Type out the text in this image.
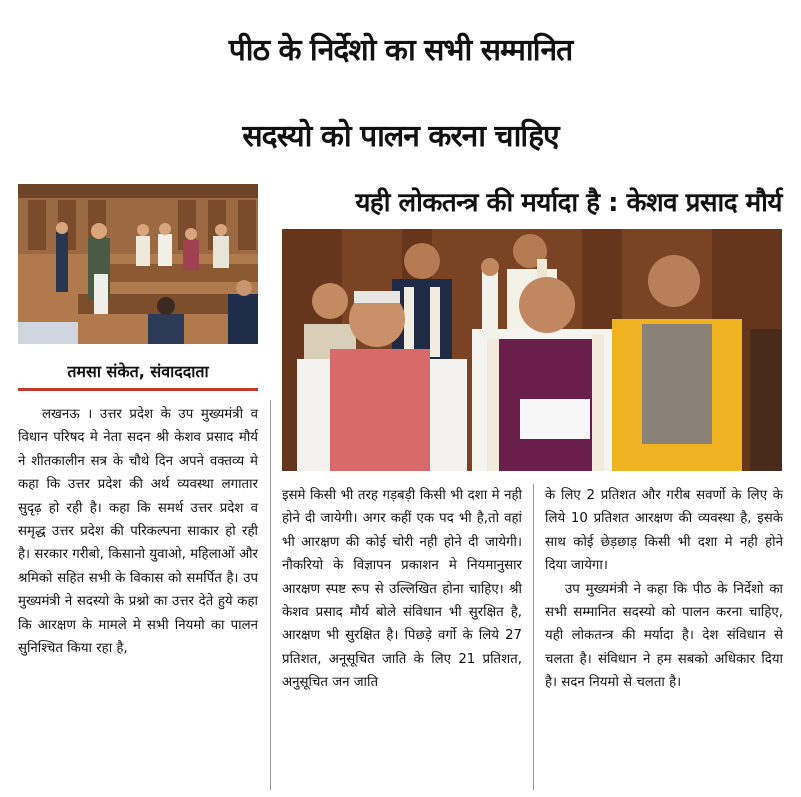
पीठ के निर्देशो का सभी सम्मानित
सदस्यो को पालन करना चाहिए
यही लोकतन्त्र की मर्यादा है : केशव प्रसाद मौर्य
तमसा संकेत, संवाददाता
लखनऊ । उत्तर प्रदेश के उप मुख्यमंत्री व विधान परिषद मे नेता सदन श्री केशव प्रसाद मौर्य ने शीतकालीन सत्र के चौथे दिन अपने वक्तव्य मे कहा कि उत्तर प्रदेश की अर्थ व्यवस्था लगातार सुदृढ़ हो रही है। कहा कि समर्थ उत्तर प्रदेश व समृद्ध उत्तर प्रदेश की परिकल्पना साकार हो रही है। सरकार गरीबो, किसानो युवाओ, महिलाओं और श्रमिको सहित सभी के विकास को समर्पित है। उप मुख्यमंत्री ने सदस्यो के प्रश्नो का उत्तर देते हुये कहा कि आरक्षण के मामले मे सभी नियमो का पालन सुनिश्चित किया रहा है,
इसमे किसी भी तरह गड़बड़ी किसी भी दशा मे नही होने दी जायेगी। अगर कहीं एक पद भी है,तो वहां भी आरक्षण की कोई चोरी नही होने दी जायेगी। नौकरियो के विज्ञापन प्रकाशन मे नियमानुसार आरक्षण स्पष्ट रूप से उल्लिखित होना चाहिए। श्री केशव प्रसाद मौर्य बोले संविधान भी सुरक्षित है, आरक्षण भी सुरक्षित है। पिछड़े वर्गो के लिये 27 प्रतिशत, अनूसूचित जाति के लिए 21 प्रतिशत, अनुसूचित जन जाति

के लिए 2 प्रतिशत और गरीब सवर्णो के लिए के लिये 10 प्रतिशत आरक्षण की व्यवस्था है, इसके साथ कोई छेड़छाड़ किसी भी दशा मे नही होने दिया जायेगा।

उप मुख्यमंत्री ने कहा कि पीठ के निर्देशो का सभी सम्मानित सदस्यो को पालन करना चाहिए, यही लोकतन्त्र की मर्यादा है। देश संविधान से चलता है। संविधान ने हम सबको अधिकार दिया है। सदन नियमो से चलता है।
